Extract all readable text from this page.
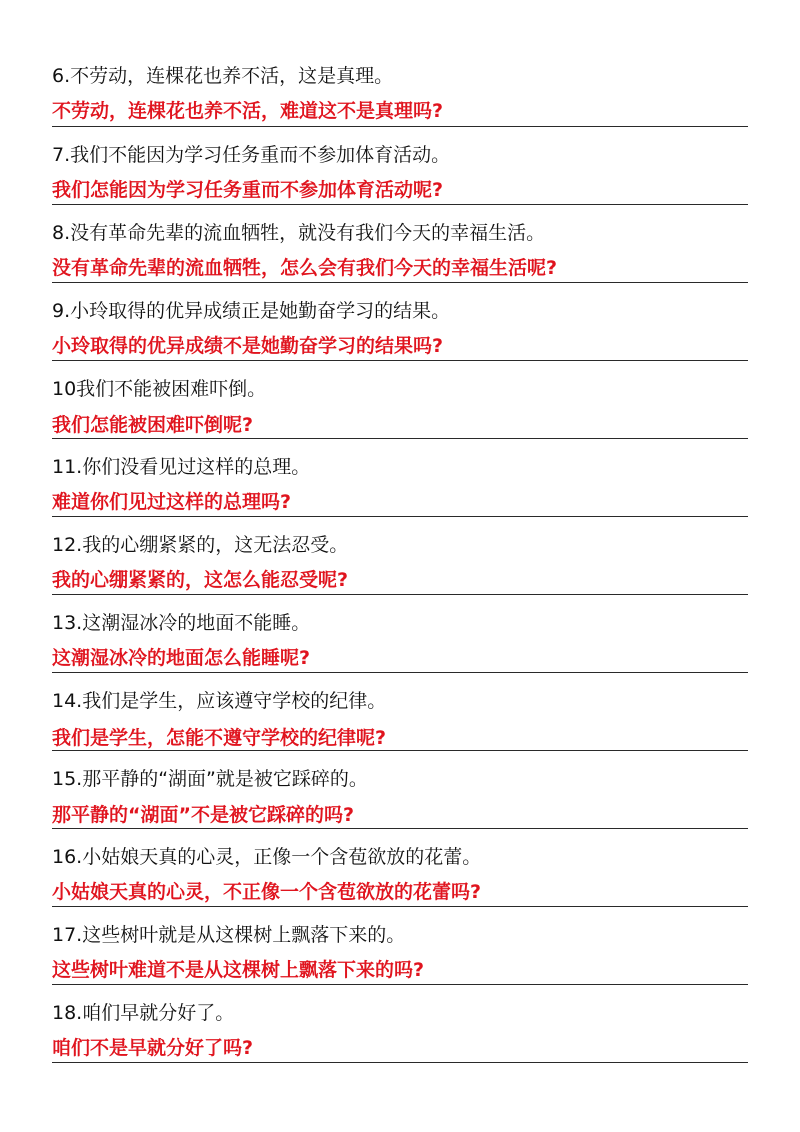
6.不劳动，连棵花也养不活，这是真理。
不劳动，连棵花也养不活，难道这不是真理吗?
7.我们不能因为学习任务重而不参加体育活动。
我们怎能因为学习任务重而不参加体育活动呢?
8.没有革命先辈的流血牺牲，就没有我们今天的幸福生活。
没有革命先辈的流血牺牲，怎么会有我们今天的幸福生活呢?
9.小玲取得的优异成绩正是她勤奋学习的结果。
小玲取得的优异成绩不是她勤奋学习的结果吗?
10我们不能被困难吓倒。
我们怎能被困难吓倒呢?
11.你们没看见过这样的总理。
难道你们见过这样的总理吗?
12.我的心绷紧紧的，这无法忍受。
我的心绷紧紧的，这怎么能忍受呢?
13.这潮湿冰冷的地面不能睡。
这潮湿冰冷的地面怎么能睡呢?
14.我们是学生，应该遵守学校的纪律。
我们是学生，怎能不遵守学校的纪律呢?
15.那平静的“湖面”就是被它踩碎的。
那平静的“湖面”不是被它踩碎的吗?
16.小姑娘天真的心灵，正像一个含苞欲放的花蕾。
小姑娘天真的心灵，不正像一个含苞欲放的花蕾吗?
17.这些树叶就是从这棵树上飘落下来的。
这些树叶难道不是从这棵树上飘落下来的吗?
18.咱们早就分好了。
咱们不是早就分好了吗?
